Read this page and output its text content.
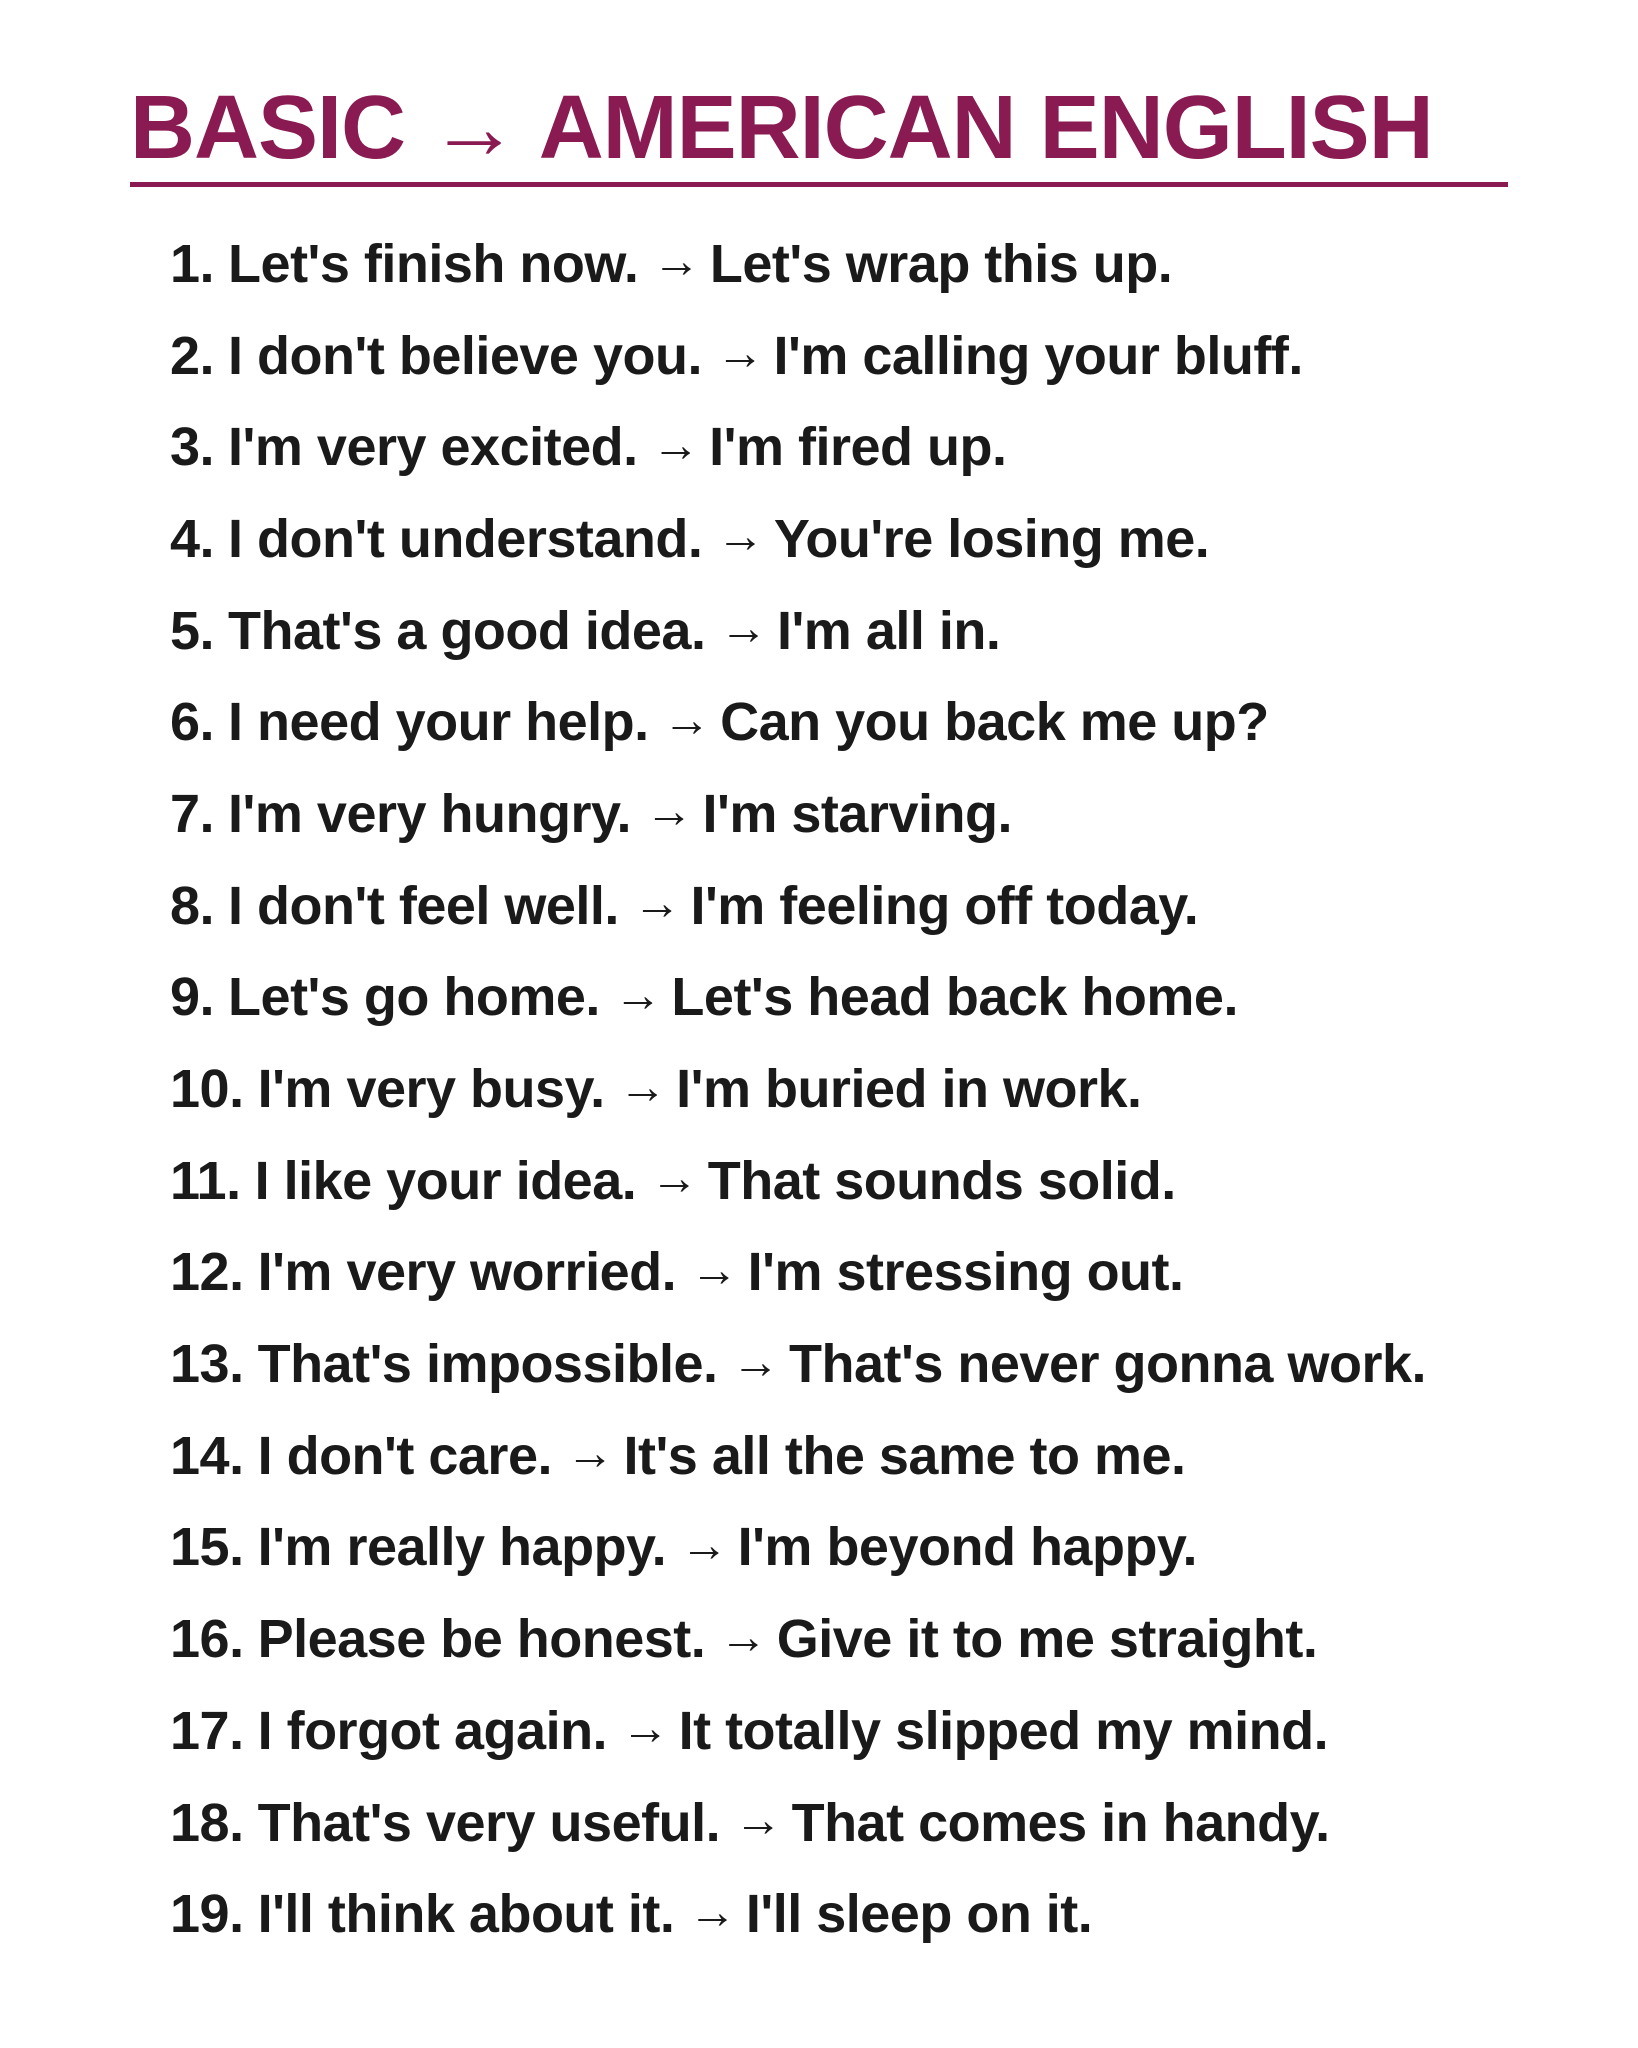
BASIC → AMERICAN ENGLISH
1. Let's finish now. → Let's wrap this up.
2. I don't believe you. → I'm calling your bluff.
3. I'm very excited. → I'm fired up.
4. I don't understand. → You're losing me.
5. That's a good idea. → I'm all in.
6. I need your help. → Can you back me up?
7. I'm very hungry. → I'm starving.
8. I don't feel well. → I'm feeling off today.
9. Let's go home. → Let's head back home.
10. I'm very busy. → I'm buried in work.
11. I like your idea. → That sounds solid.
12. I'm very worried. → I'm stressing out.
13. That's impossible. → That's never gonna work.
14. I don't care. → It's all the same to me.
15. I'm really happy. → I'm beyond happy.
16. Please be honest. → Give it to me straight.
17. I forgot again. → It totally slipped my mind.
18. That's very useful. → That comes in handy.
19. I'll think about it. → I'll sleep on it.
